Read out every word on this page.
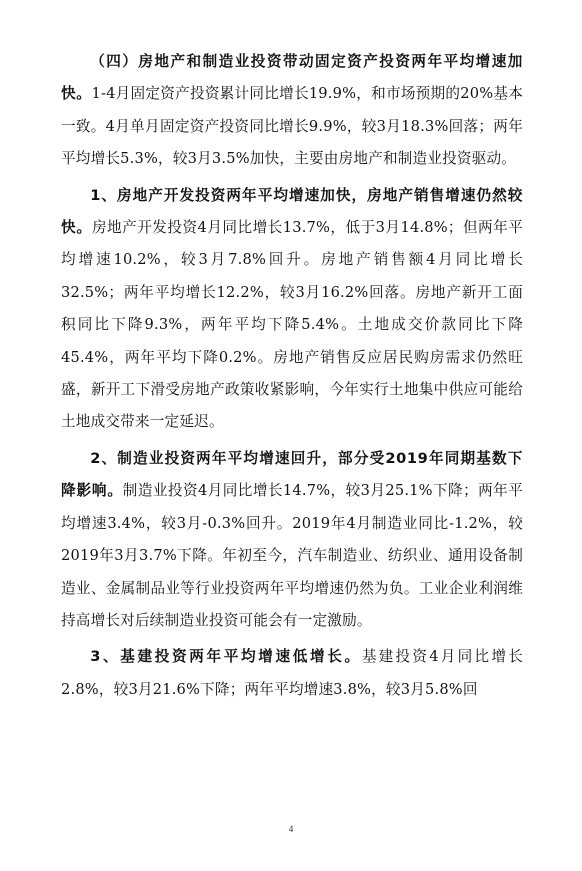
（四）房地产和制造业投资带动固定资产投资两年平均增速加快。1-4月固定资产投资累计同比增长19.9%，和市场预期的20%基本一致。4月单月固定资产投资同比增长9.9%，较3月18.3%回落；两年平均增长5.3%，较3月3.5%加快，主要由房地产和制造业投资驱动。

1、房地产开发投资两年平均增速加快，房地产销售增速仍然较快。房地产开发投资4月同比增长13.7%，低于3月14.8%；但两年平均增速10.2%，较3月7.8%回升。房地产销售额4月同比增长32.5%；两年平均增长12.2%，较3月16.2%回落。房地产新开工面积同比下降9.3%，两年平均下降5.4%。土地成交价款同比下降45.4%，两年平均下降0.2%。房地产销售反应居民购房需求仍然旺盛，新开工下滑受房地产政策收紧影响，今年实行土地集中供应可能给土地成交带来一定延迟。

2、制造业投资两年平均增速回升，部分受2019年同期基数下降影响。制造业投资4月同比增长14.7%，较3月25.1%下降；两年平均增速3.4%，较3月-0.3%回升。2019年4月制造业同比-1.2%，较2019年3月3.7%下降。年初至今，汽车制造业、纺织业、通用设备制造业、金属制品业等行业投资两年平均增速仍然为负。工业企业利润维持高增长对后续制造业投资可能会有一定激励。

3、基建投资两年平均增速低增长。基建投资4月同比增长2.8%，较3月21.6%下降；两年平均增速3.8%，较3月5.8%回

4
